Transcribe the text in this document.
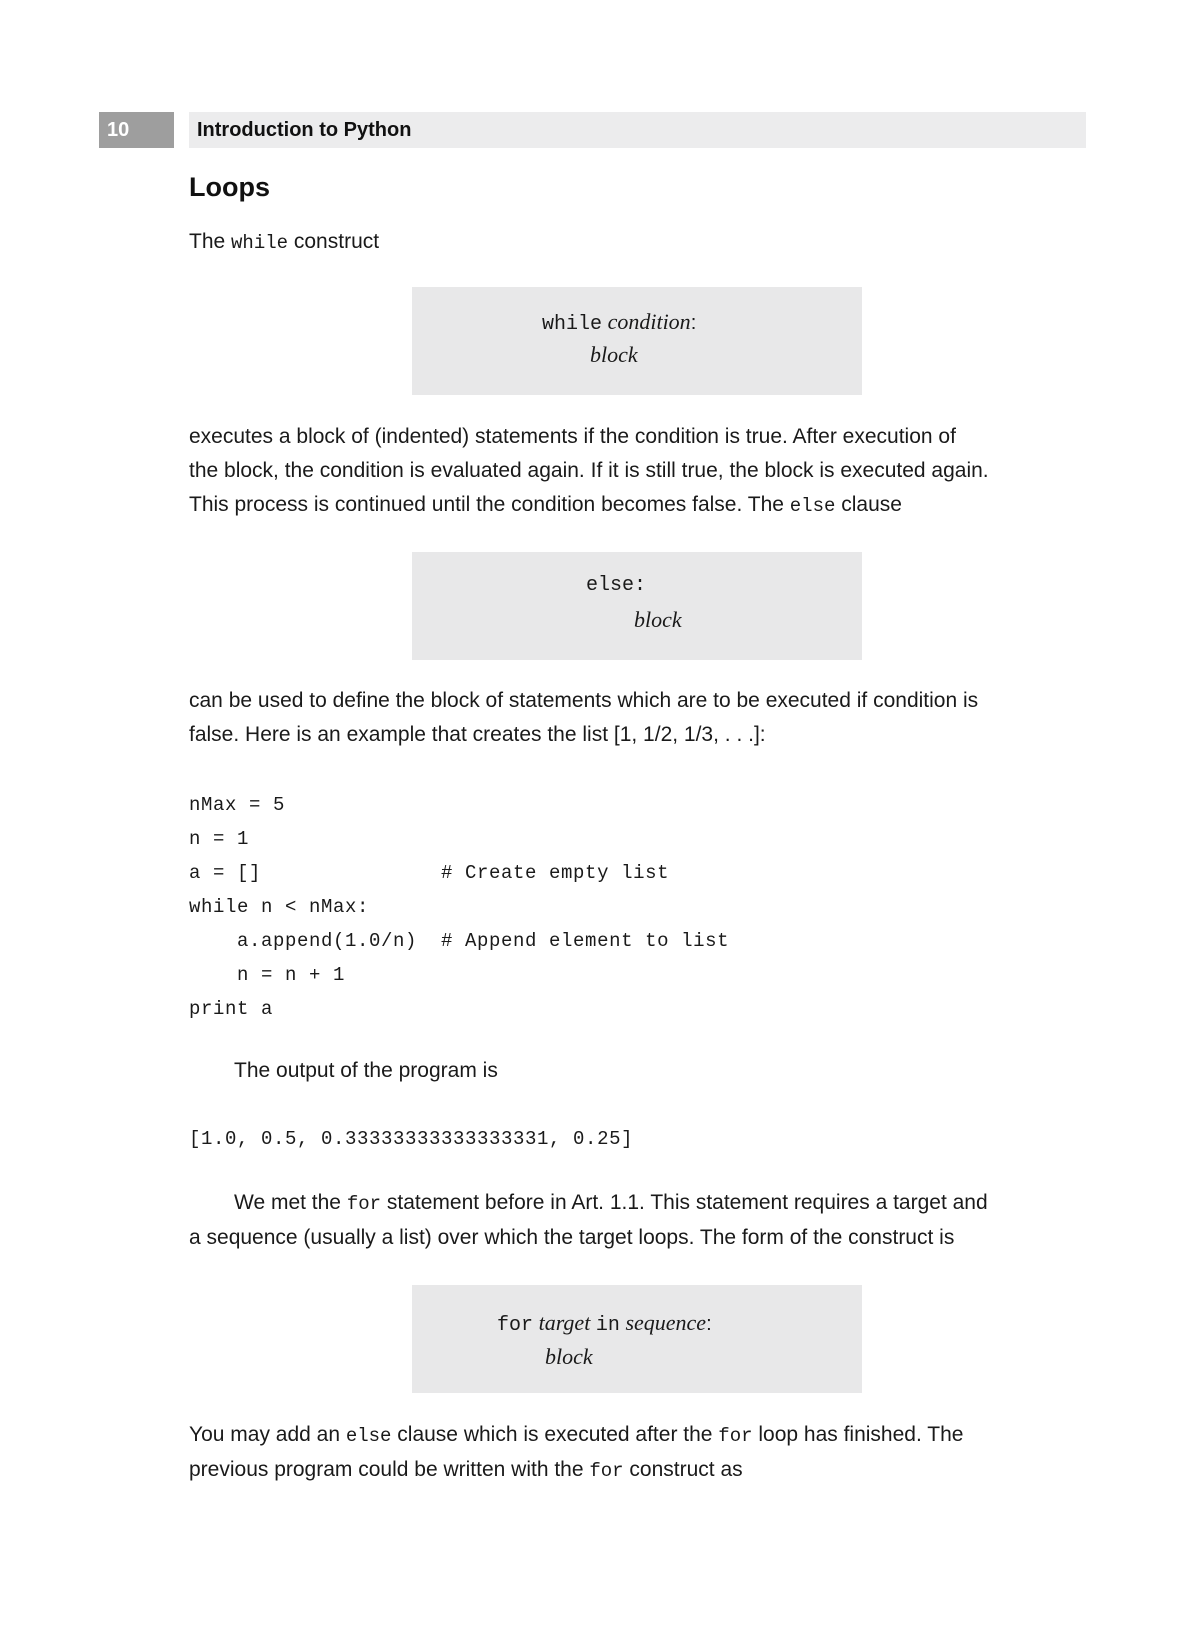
10	Introduction to Python
Loops
The while construct
while condition:
block
executes a block of (indented) statements if the condition is true. After execution of
the block, the condition is evaluated again. If it is still true, the block is executed again.
This process is continued until the condition becomes false. The else clause
else:
block
can be used to define the block of statements which are to be executed if condition is
false. Here is an example that creates the list [1, 1/2, 1/3, . . .]:
nMax = 5
n = 1
a = []               # Create empty list
while n < nMax:
a.append(1.0/n)  # Append element to list
n = n + 1
print a
The output of the program is
[1.0, 0.5, 0.33333333333333331, 0.25]
We met the for statement before in Art. 1.1. This statement requires a target and
a sequence (usually a list) over which the target loops. The form of the construct is
for target in sequence:
block
You may add an else clause which is executed after the for loop has finished. The
previous program could be written with the for construct as
